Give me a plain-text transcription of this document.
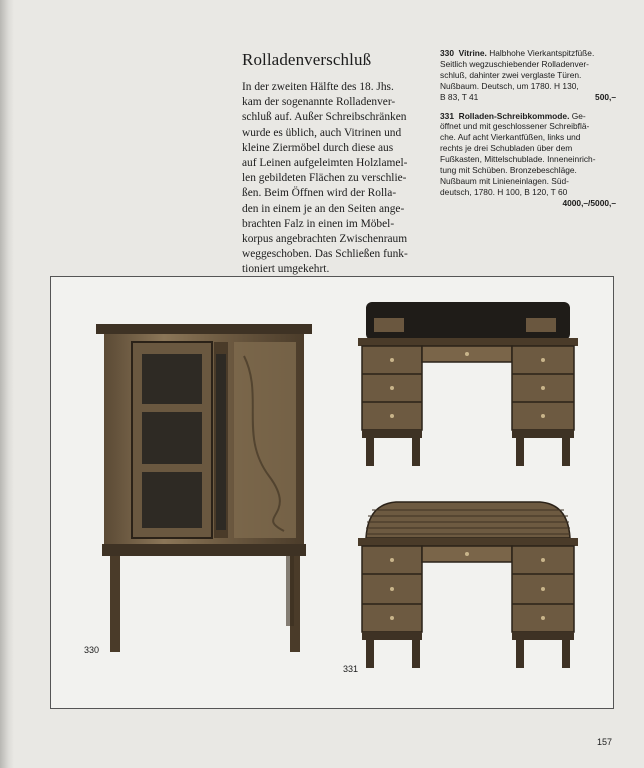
Rolladenverschluß

In der zweiten Hälfte des 18. Jhs.
kam der sogenannte Rolladenver-
schluß auf. Außer Schreibschränken
wurde es üblich, auch Vitrinen und
kleine Ziermöbel durch diese aus
auf Leinen aufgeleimten Holzlamel-
len gebildeten Flächen zu verschlie-
ßen. Beim Öffnen wird der Rolla-
den in einem je an den Seiten ange-
brachten Falz in einen im Möbel-
korpus angebrachten Zwischenraum
weggeschoben. Das Schließen funk-
tioniert umgekehrt.

330 Vitrine. Halbhohe Vierkantspitzfüße.
Seitlich wegzuschiebender Rolladenver-
schluß, dahinter zwei verglaste Türen.
Nußbaum. Deutsch, um 1780. H 130,
B 83, T 41	500,–
331 Rolladen-Schreibkommode. Ge-
öffnet und mit geschlossener Schreibflä-
che. Auf acht Vierkantfüßen, links und
rechts je drei Schubladen über dem
Fußkasten, Mittelschublade. Inneneinrich-
tung mit Schüben. Bronzebeschläge.
Nußbaum mit Linieneinlagen. Süd-
deutsch, 1780. H 100, B 120, T 60
4000,–/5000,–
330
331
157
